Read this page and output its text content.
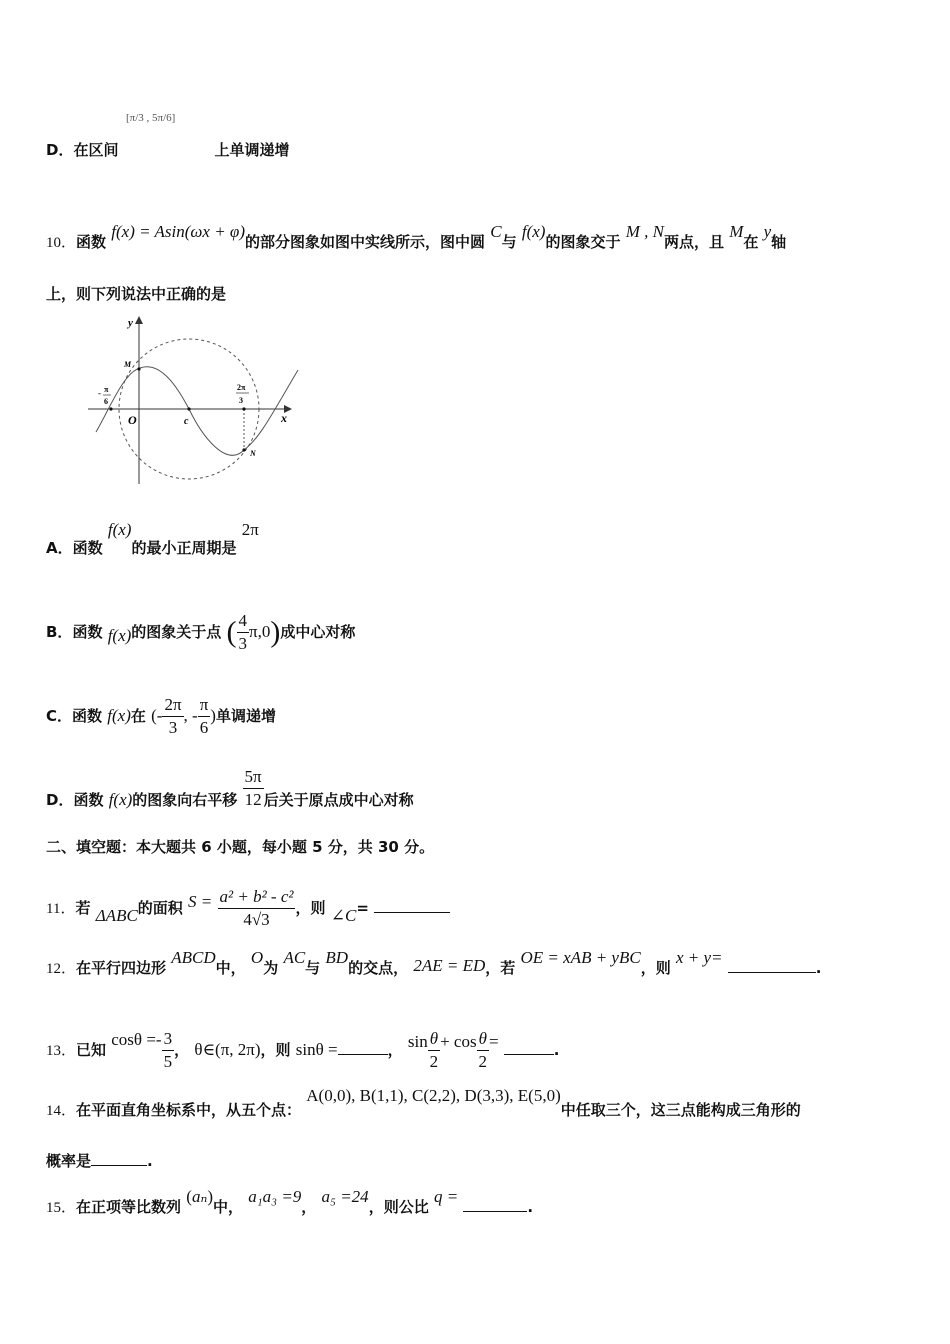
[π/3 , 5π/6]
D．在区间	上单调递增
10．函数 f(x) = Asin(ωx + φ)的部分图象如图中实线所示，图中圆 C与 f(x)的图象交于 M , N两点，且 M在 y轴
上，则下列说法中正确的是
y
x
O
M
N
c
- π
6
2π
3
A．函数 f(x)的最小正周期是 2π
B．函数 f(x)的图象关于点 ( $\frac{4}{3} \pi,0$)成中心对称
C．函数 f(x)在 (- $\frac{2\pi}{3}$ , - $\frac{\pi}{6}$ )单调递增
D．函数 f(x)的图象向右平移 $\frac{5\pi}{12}$ 后关于原点成中心对称
二、填空题：本大题共 6 小题，每小题 5 分，共 30 分。
11．若 ΔABC的面积 $S = \frac{\text{a² + b² - c²}}{4√3}$ ，则 ∠C=
12．在平行四边形 ABCD中， O为 AC与 BD的交点， 2AE = ED，若 OE = xAB + yBC，则 x + y= .
13．已知 $\cos\theta =- \frac{3}{5}$ ， θ∈(π, 2π)，则 sinθ =	， $\sin \frac{\theta}{2} + \cos \frac{\theta}{2}$ =	.
14．在平面直角坐标系中，从五个点： A(0,0), B(1,1), C(2,2), D(3,3), E(5,0)中任取三个，这三点能构成三角形的
概率是	.
15．在正项等比数列 (aₙ)中， a₁a₃ =9， a₅ =24，则公比 q = .
